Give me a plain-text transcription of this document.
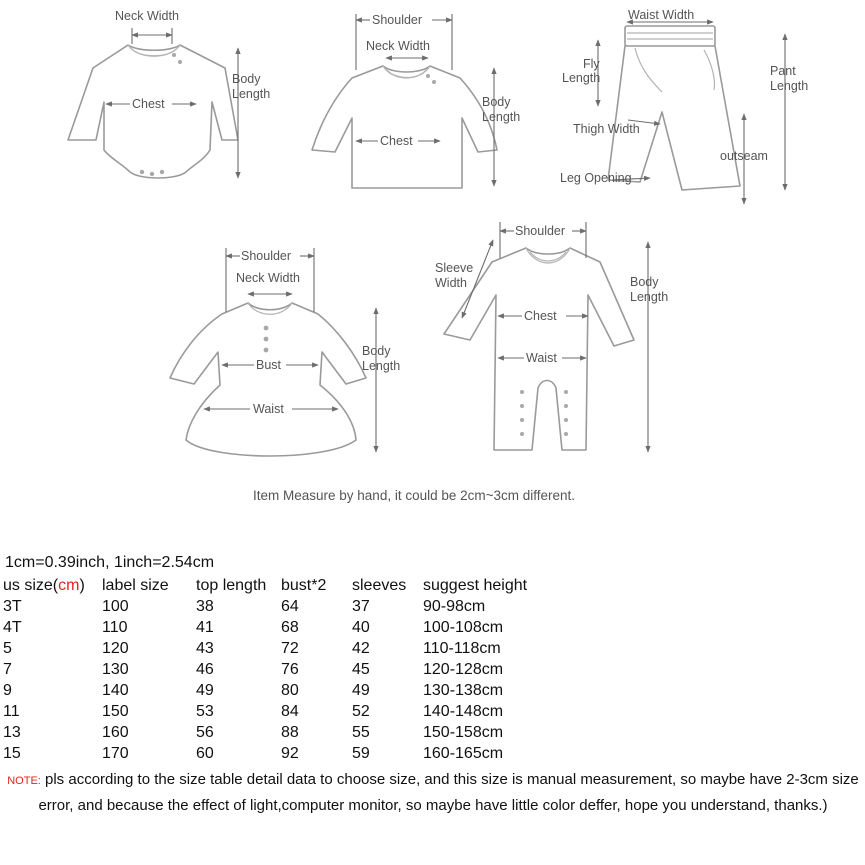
Neck Width
Body
Length
Chest
Shoulder
Neck Width
Body
Length
Chest
Waist Width
Fly
Length	Pant
Length
Thigh Width
outseam
Leg Opening
Shoulder
Neck Width
Body
Length
Bust
Waist
Shoulder
Sleeve
Width	Body
Length
Chest
Waist
Item Measure by hand, it could be 2cm~3cm different.
1cm=0.39inch, 1inch=2.54cm
us size(cm)	label size	top length	bust*2	sleeves	suggest height
3T	100	38	64	37	90-98cm
4T	110	41	68	40	100-108cm
5	120	43	72	42	110-118cm
7	130	46	76	45	120-128cm
9	140	49	80	49	130-138cm
11	150	53	84	52	140-148cm
13	160	56	88	55	150-158cm
15	170	60	92	59	160-165cm
NOTE: pls according to the size table detail data to choose size, and this size is manual measurement, so maybe have 2-3cm size error, and because the effect of light,computer monitor, so maybe have little color deffer, hope you understand, thanks.)
